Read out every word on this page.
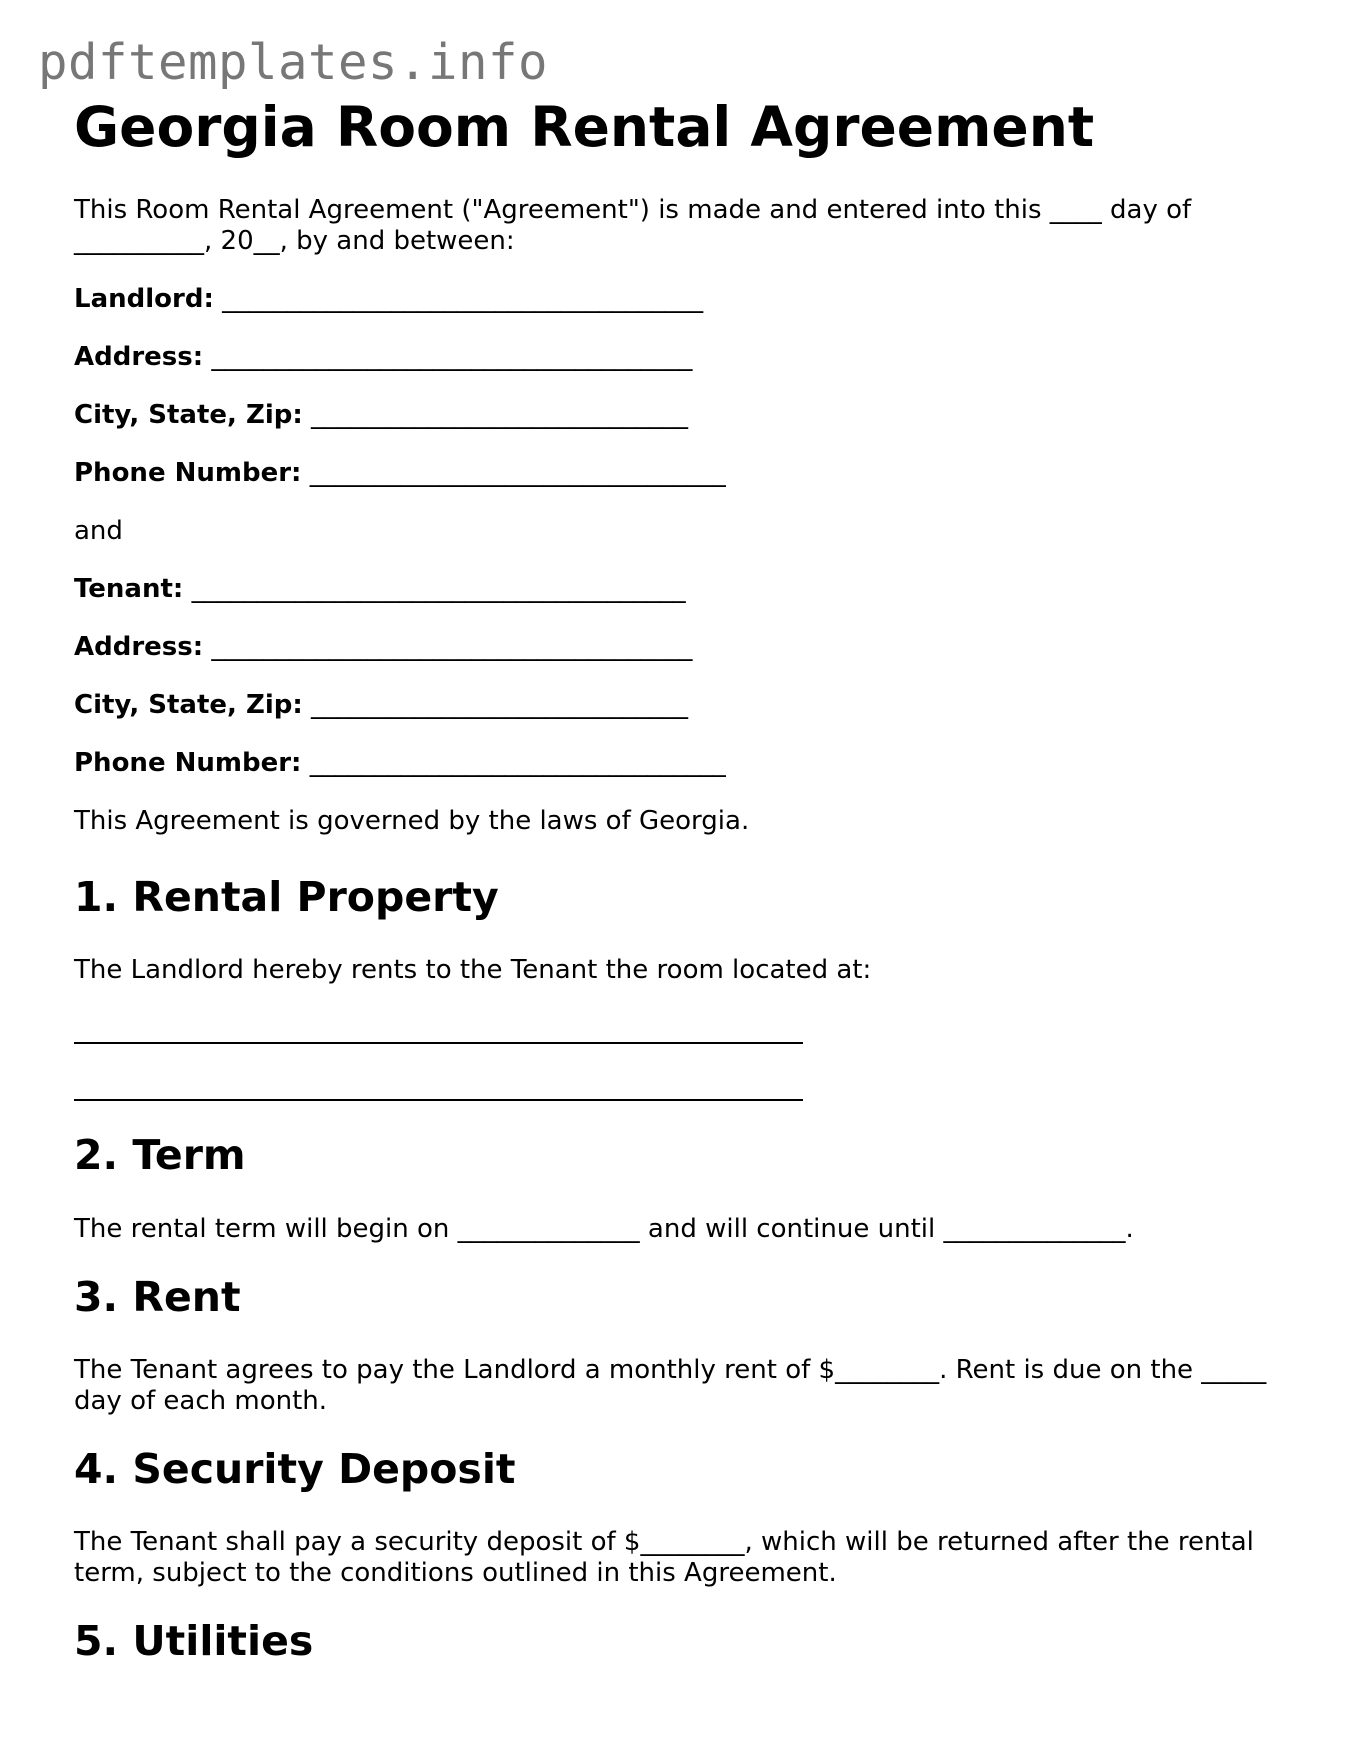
pdftemplates.info
Georgia Room Rental Agreement

This Room Rental Agreement ("Agreement") is made and entered into this ____ day of __________, 20__, by and between:

Landlord: _____________________________________
Address: _____________________________________
City, State, Zip: _____________________________
Phone Number: ________________________________

and

Tenant: ______________________________________
Address: _____________________________________
City, State, Zip: _____________________________
Phone Number: ________________________________

This Agreement is governed by the laws of Georgia.

1. Rental Property

The Landlord hereby rents to the Tenant the room located at:

2. Term

The rental term will begin on ______________ and will continue until ______________.

3. Rent

The Tenant agrees to pay the Landlord a monthly rent of $________. Rent is due on the _____ day of each month.

4. Security Deposit

The Tenant shall pay a security deposit of $________, which will be returned after the rental term, subject to the conditions outlined in this Agreement.

5. Utilities
